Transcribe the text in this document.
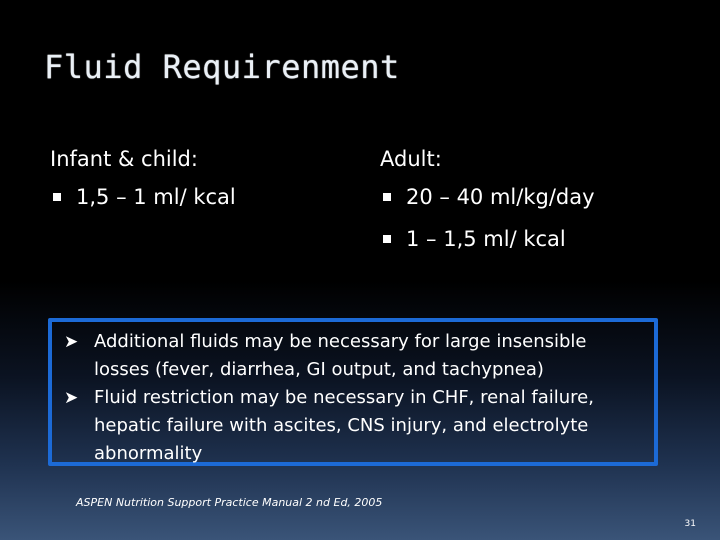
Fluid Requirenment
Infant & child:
1,5 – 1 ml/ kcal
Adult:
20 – 40 ml/kg/day
1 – 1,5 ml/ kcal
➤ Additional fluids may be necessary for large insensible losses (fever, diarrhea, GI output, and tachypnea)
➤ Fluid restriction may be necessary in CHF, renal failure, hepatic failure with ascites, CNS injury, and electrolyte abnormality
ASPEN Nutrition Support Practice Manual 2 nd Ed, 2005
31
